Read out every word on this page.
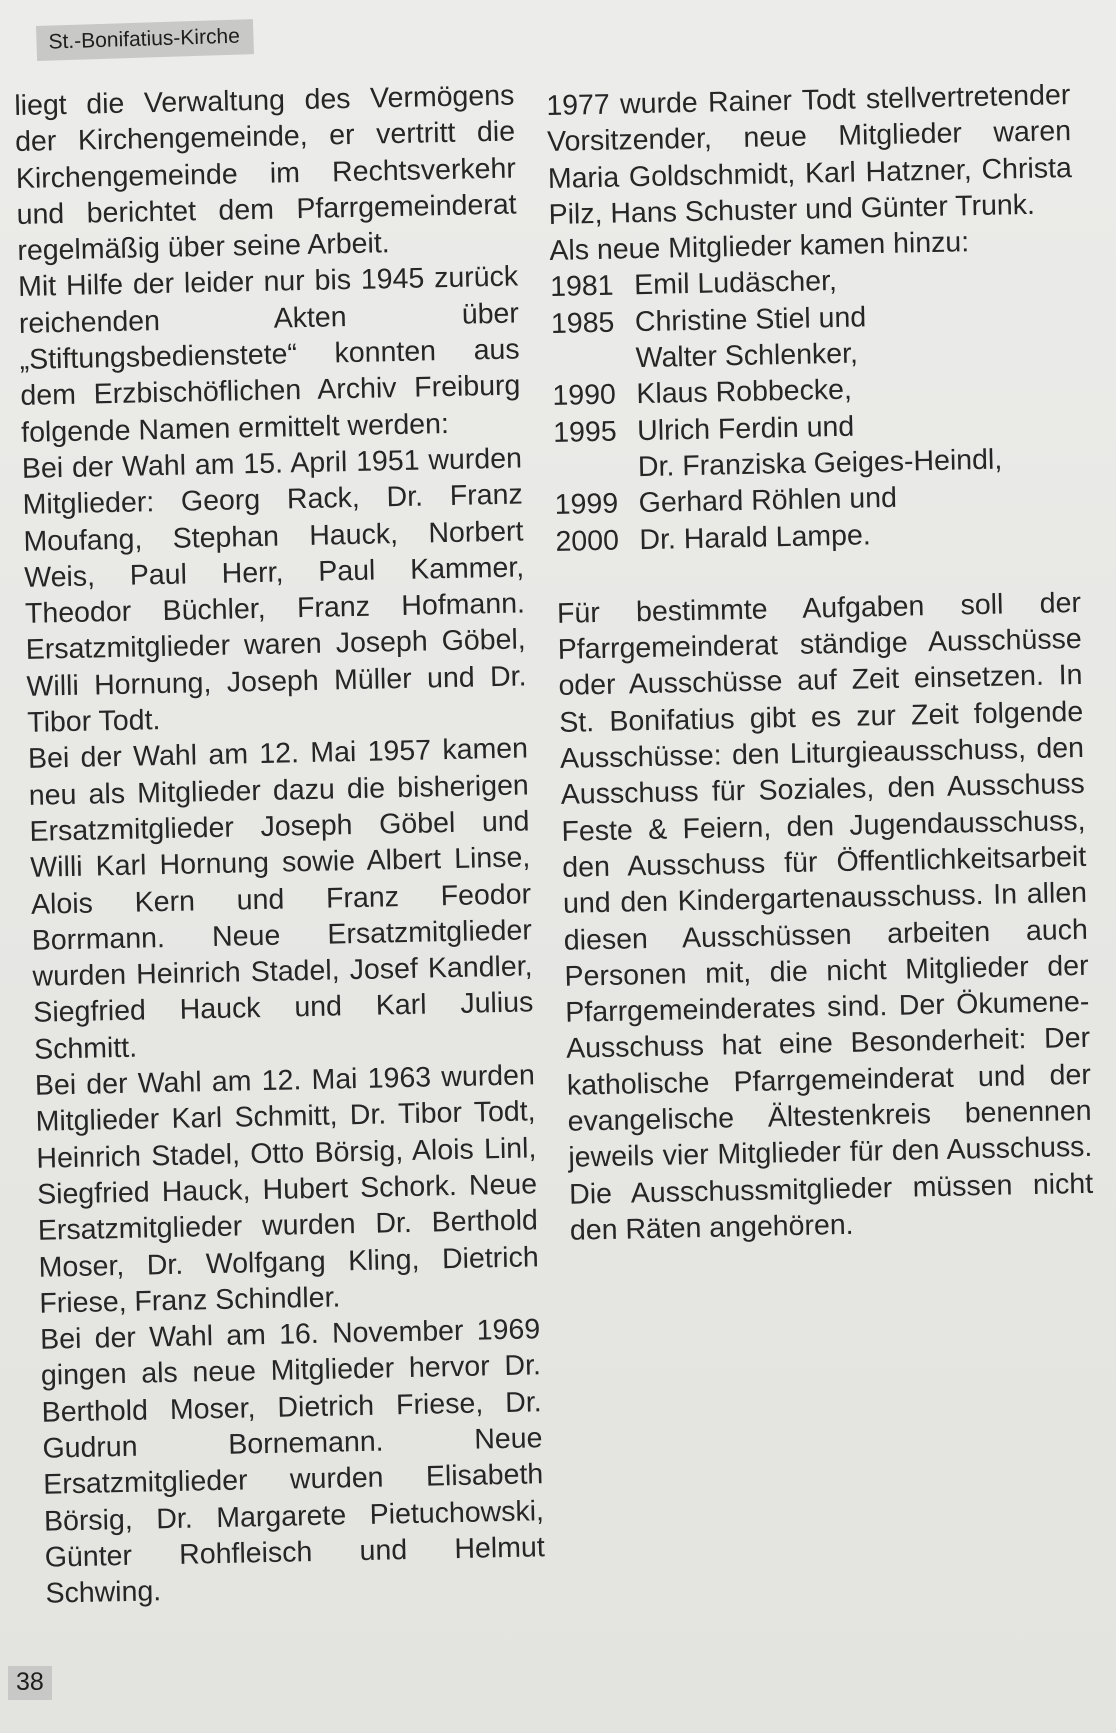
St.-Bonifatius-Kirche

liegt die Verwaltung des Vermögens der Kirchengemeinde, er vertritt die Kirchengemeinde im Rechtsverkehr und berichtet dem Pfarrgemeinderat regelmäßig über seine Arbeit.

Mit Hilfe der leider nur bis 1945 zurück reichenden Akten über „Stiftungsbedienstete“ konnten aus dem Erzbischöflichen Archiv Freiburg folgende Namen ermittelt werden:

Bei der Wahl am 15. April 1951 wurden Mitglieder: Georg Rack, Dr. Franz Moufang, Stephan Hauck, Norbert Weis, Paul Herr, Paul Kammer, Theodor Büchler, Franz Hofmann. Ersatzmitglieder waren Joseph Göbel, Willi Hornung, Joseph Müller und Dr. Tibor Todt.

Bei der Wahl am 12. Mai 1957 kamen neu als Mitglieder dazu die bisherigen Ersatzmitglieder Joseph Göbel und Willi Karl Hornung sowie Albert Linse, Alois Kern und Franz Feodor Borrmann. Neue Ersatzmitglieder wurden Heinrich Stadel, Josef Kandler, Siegfried Hauck und Karl Julius Schmitt.

Bei der Wahl am 12. Mai 1963 wurden Mitglieder Karl Schmitt, Dr. Tibor Todt, Heinrich Stadel, Otto Börsig, Alois Linl, Siegfried Hauck, Hubert Schork. Neue Ersatzmitglieder wurden Dr. Berthold Moser, Dr. Wolfgang Kling, Dietrich Friese, Franz Schindler.

Bei der Wahl am 16. November 1969 gingen als neue Mitglieder hervor Dr. Berthold Moser, Dietrich Friese, Dr. Gudrun Bornemann. Neue Ersatzmitglieder wurden Elisabeth Börsig, Dr. Margarete Pietuchowski, Günter Rohfleisch und Helmut Schwing.

1977 wurde Rainer Todt stellvertretender Vorsitzender, neue Mitglieder waren Maria Goldschmidt, Karl Hatzner, Christa Pilz, Hans Schuster und Günter Trunk.

Als neue Mitglieder kamen hinzu:

1981 Emil Ludäscher,
1985 Christine Stiel und
Walter Schlenker,
1990 Klaus Robbecke,
1995 Ulrich Ferdin und
Dr. Franziska Geiges-Heindl,
1999 Gerhard Röhlen und
2000 Dr. Harald Lampe.

Für bestimmte Aufgaben soll der Pfarrgemeinderat ständige Ausschüsse oder Ausschüsse auf Zeit einsetzen. In St. Bonifatius gibt es zur Zeit folgende Ausschüsse: den Liturgieausschuss, den Ausschuss für Soziales, den Ausschuss Feste & Feiern, den Jugendausschuss, den Ausschuss für Öffentlichkeitsarbeit und den Kindergartenausschuss. In allen diesen Ausschüssen arbeiten auch Personen mit, die nicht Mitglieder der Pfarrgemeinderates sind. Der Ökumene-Ausschuss hat eine Besonderheit: Der katholische Pfarrgemeinderat und der evangelische Ältestenkreis benennen jeweils vier Mitglieder für den Ausschuss. Die Ausschussmitglieder müssen nicht den Räten angehören.

38
